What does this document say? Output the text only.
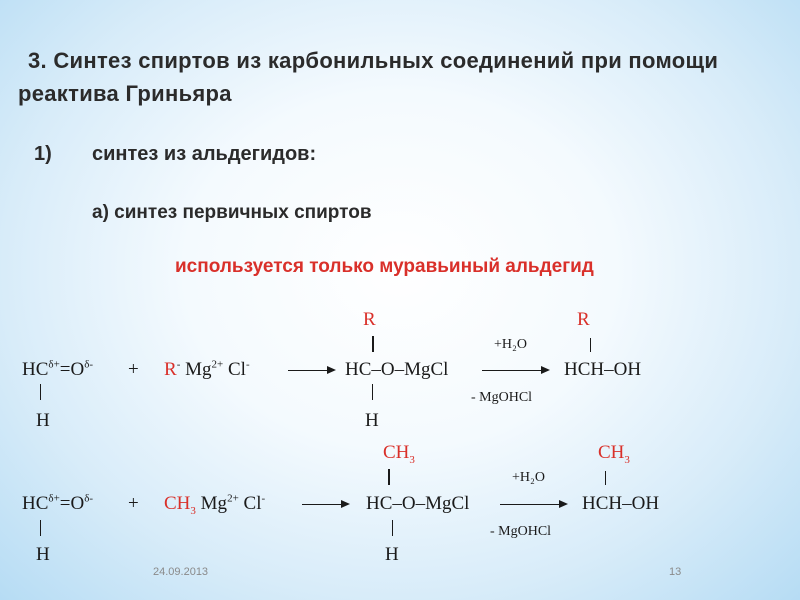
3. Синтез спиртов из карбонильных соединений при помощи
реактива Гриньяра
1) синтез из альдегидов:
а) синтез первичных спиртов
используется только муравьиный альдегид
$HC^{\delta+}=O^{\delta-}$
H
+ R- $Mg^{2+}$ Cl-
R
HC–O–MgCl
H
+H₂O
- MgOHCl
R
HCH–OH
$HC^{\delta+}=O^{\delta-}$
H
+ $CH_3$ $Mg^{2+}$ Cl-
$CH_3$
HC–O–MgCl
H
+H₂O
- MgOHCl
$CH_3$
HCH–OH
24.09.2013	13
